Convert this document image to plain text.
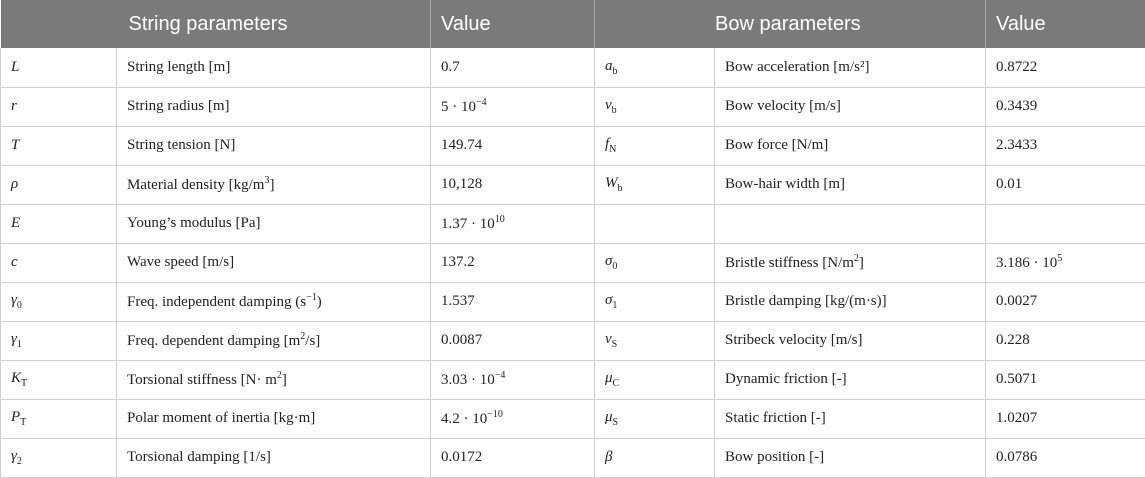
String parameters		Value	Bow parameters		Value
L	String length [m]	0.7	$a_b$	Bow acceleration [m/s²]	0.8722
r	String radius [m]	$5 \cdot 10^{-4}$	$v_b$	Bow velocity [m/s]	0.3439
T	String tension [N]	149.74	$f_N$	Bow force [N/m]	2.3433
ρ	Material density $[kg/m^3]$	10,128	$W_b$	Bow-hair width [m]	0.01
E	Young’s modulus [Pa]	$1.37 \cdot 10^{10}$			
c	Wave speed [m/s]	137.2	$\sigma_0$	Bristle stiffness $[N/m^2]$	$3.186 \cdot 10^5$
$\gamma_0$	Freq. independent damping $(s^{-1})$	1.537	$\sigma_1$	Bristle damping [kg/(m·s)]	0.0027
$\gamma_1$	Freq. dependent damping $[m^2/s]$	0.0087	$v_S$	Stribeck velocity [m/s]	0.228
$K_T$	Torsional stiffness $[N\cdot m^2]$	$3.03 \cdot 10^{-4}$	$\mu_C$	Dynamic friction [-]	0.5071
$P_T$	Polar moment of inertia [kg·m]	$4.2 \cdot 10^{-10}$	$\mu_S$	Static friction [-]	1.0207
$\gamma_2$	Torsional damping [1/s]	0.0172	β	Bow position [-]	0.0786
